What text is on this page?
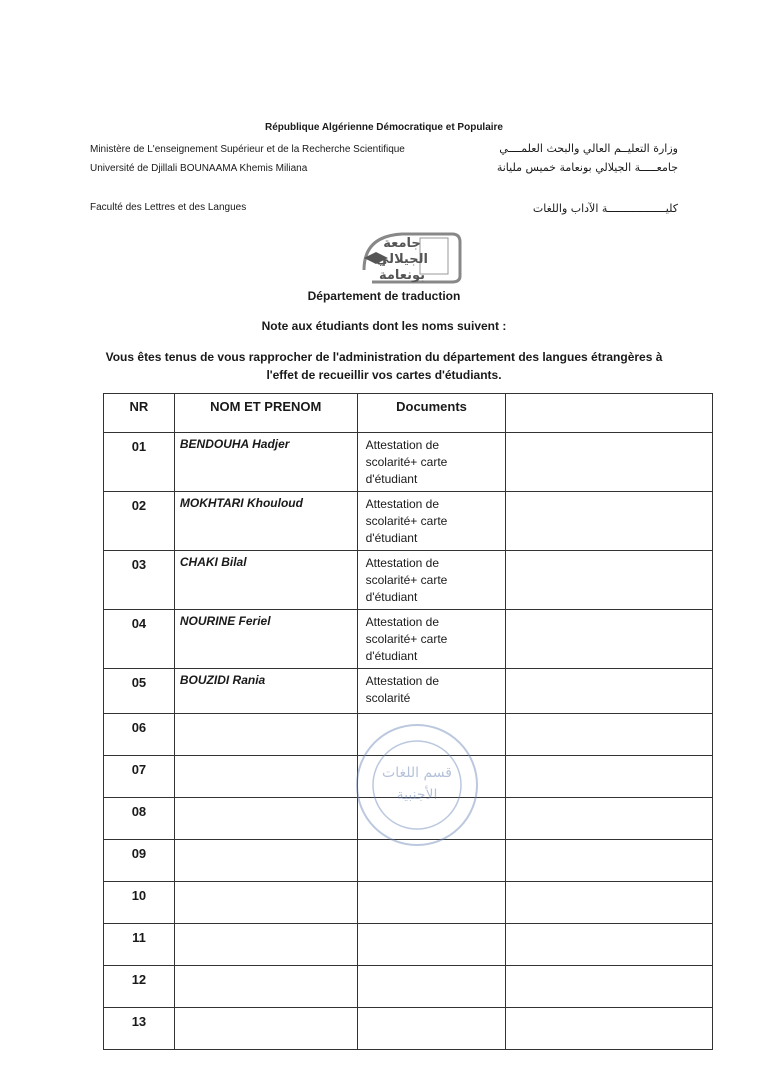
République Algérienne Démocratique et Populaire
Ministère de L'enseignement Supérieur et de la Recherche Scientifique
Université de Djillali BOUNAAMA Khemis Miliana
Faculté des Lettres et des Langues
وزارة التعليــم العالي والبحث العلمــــي
جامعـــــة الجيلالي بونعامة خميس مليانة
كليــــــــــــــــــة الآداب واللغات
جامعة الجيلالي بونعامة
Département de traduction
Note aux étudiants dont les noms suivent :
Vous êtes tenus de vous rapprocher de l'administration du département des langues étrangères à
l'effet de recueillir vos cartes d'étudiants.
NR	NOM ET PRENOM	Documents	
01	BENDOUHA Hadjer	Attestation de
scolarité+ carte
d'étudiant	

02	MOKHTARI Khouloud	Attestation de
scolarité+ carte
d'étudiant	

03	CHAKI Bilal	Attestation de
scolarité+ carte
d'étudiant	

04	NOURINE Feriel	Attestation de
scolarité+ carte
d'étudiant	

05	BOUZIDI Rania	Attestation de
scolarité	

06			
07			
08			
09			
10			
11			
12			
13			
قسم اللغات الأجنبية
